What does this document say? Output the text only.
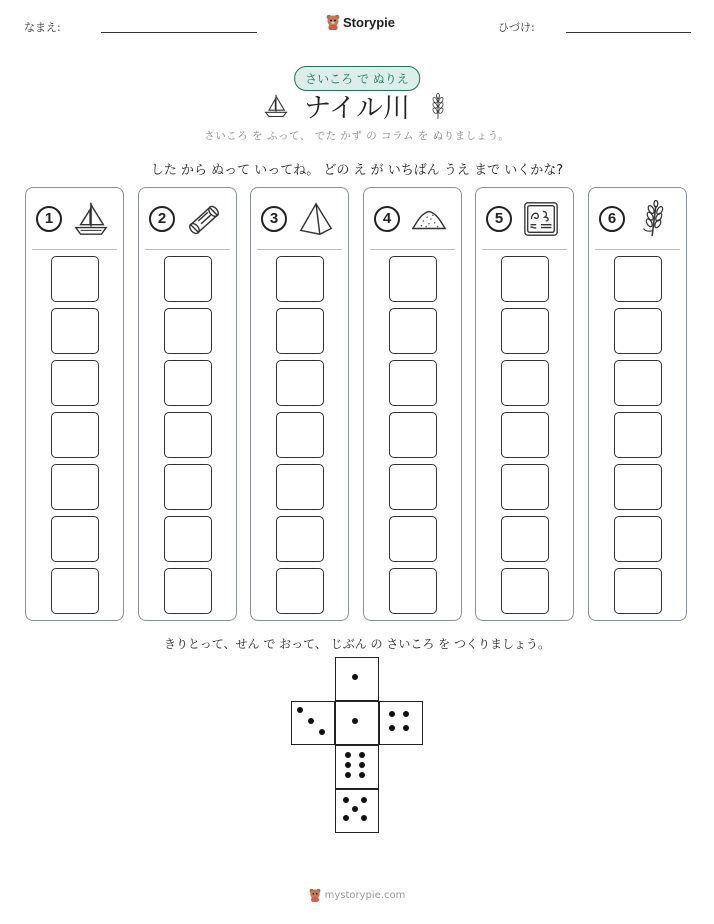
なまえ:	Storypie	ひづけ:
さいころ で ぬりえ
ナイル川
さいころ を ふって、 でた かず の コラム を ぬりましょう。
した から ぬって いってね。 どの え が いちばん うえ まで いくかな?
1	2	3	4	5	6
きりとって、せん で おって、 じぶん の さいころ を つくりましょう。
mystorypie.com
